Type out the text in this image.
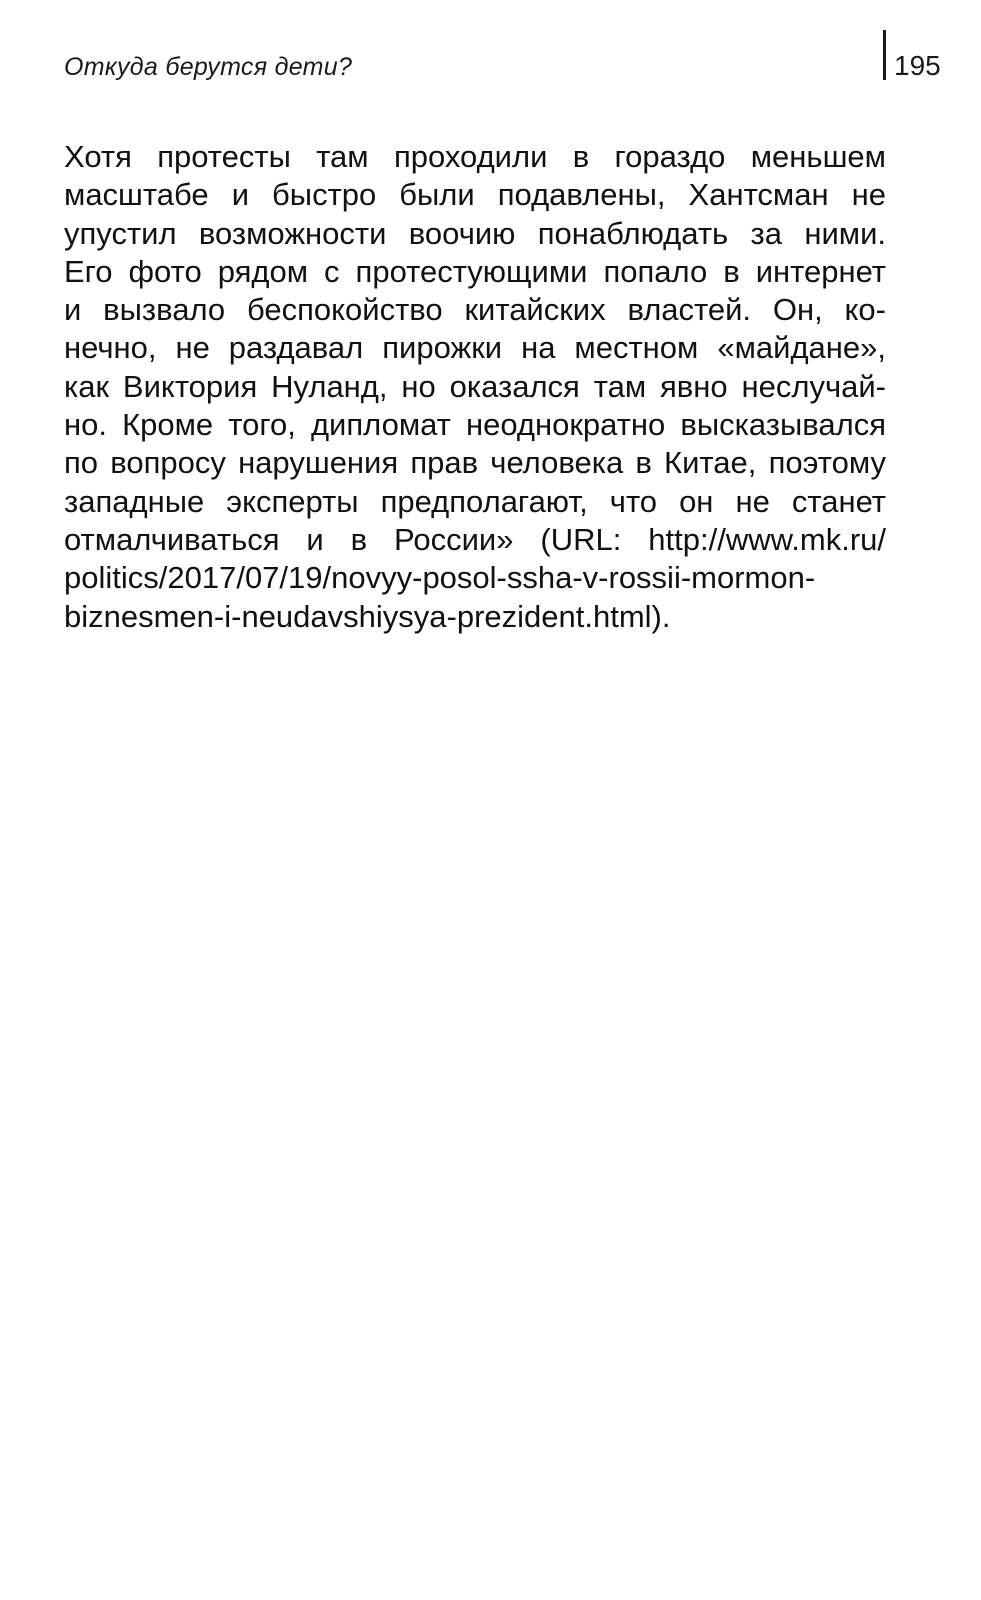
Откуда берутся дети?	195
Хотя протесты там проходили в гораздо меньшем
масштабе и быстро были подавлены, Хантсман не
упустил возможности воочию понаблюдать за ними.
Его фото рядом с протестующими попало в интернет
и вызвало беспокойство китайских властей. Он, ко-
нечно, не раздавал пирожки на местном «майдане»,
как Виктория Нуланд, но оказался там явно неслучай-
но. Кроме того, дипломат неоднократно высказывался
по вопросу нарушения прав человека в Китае, поэтому
западные эксперты предполагают, что он не станет
отмалчиваться и в России» (URL: http://www.mk.ru/
politics/2017/07/19/novyy-posol-ssha-v-rossii-mormon-
biznesmen-i-neudavshiysya-prezident.html).
